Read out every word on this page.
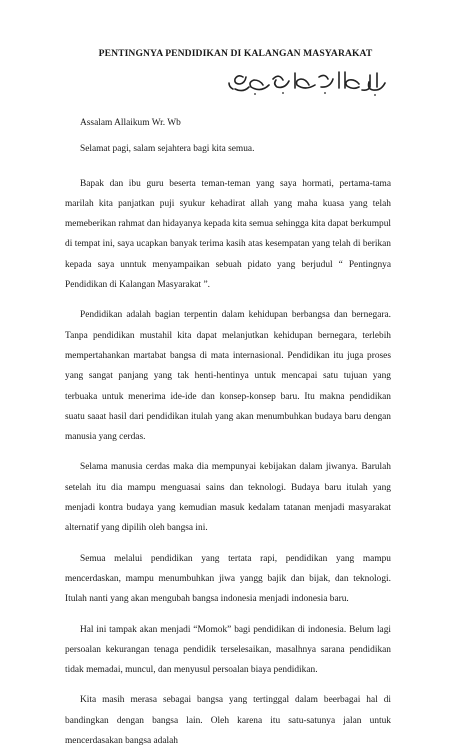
PENTINGNYA PENDIDIKAN DI KALANGAN MASYARAKAT

Assalam Allaikum Wr. Wb

Selamat pagi, salam sejahtera bagi kita semua.

Bapak dan ibu guru beserta teman-teman yang saya hormati, pertama-tama marilah kita panjatkan puji syukur kehadirat allah yang maha kuasa yang telah memeberikan rahmat dan hidayanya kepada kita semua sehingga kita dapat berkumpul di tempat ini, saya ucapkan banyak terima kasih atas kesempatan yang telah di berikan kepada saya unntuk menyampaikan sebuah pidato yang berjudul “ Pentingnya Pendidikan di Kalangan Masyarakat ”.

Pendidikan adalah bagian terpentin dalam kehidupan berbangsa dan bernegara. Tanpa pendidikan mustahil kita dapat melanjutkan kehidupan bernegara, terlebih mempertahankan martabat bangsa di mata internasional. Pendidikan itu juga proses yang sangat panjang yang tak henti-hentinya untuk mencapai satu tujuan yang terbuaka untuk menerima ide-ide dan konsep-konsep baru. Itu makna pendidikan suatu saaat hasil dari pendidikan itulah yang akan menumbuhkan budaya baru dengan manusia yang cerdas.

Selama manusia cerdas maka dia mempunyai kebijakan dalam jiwanya. Barulah setelah itu dia mampu menguasai sains dan teknologi. Budaya baru itulah yang menjadi kontra budaya yang kemudian masuk kedalam tatanan menjadi masyarakat alternatif yang dipilih oleh bangsa ini.

Semua melalui pendidikan yang tertata rapi, pendidikan yang mampu mencerdaskan, mampu menumbuhkan jiwa yangg bajik dan bijak, dan teknologi. Itulah nanti yang akan mengubah bangsa indonesia menjadi indonesia baru.

Hal ini tampak akan menjadi “Momok” bagi pendidikan di indonesia. Belum lagi persoalan kekurangan tenaga pendidik terselesaikan, masalhnya sarana pendidikan tidak memadai, muncul, dan menyusul persoalan biaya pendidikan.

Kita masih merasa sebagai bangsa yang tertinggal dalam beerbagai hal di bandingkan dengan bangsa lain. Oleh karena itu satu-satunya jalan untuk mencerdasakan bangsa adalah
